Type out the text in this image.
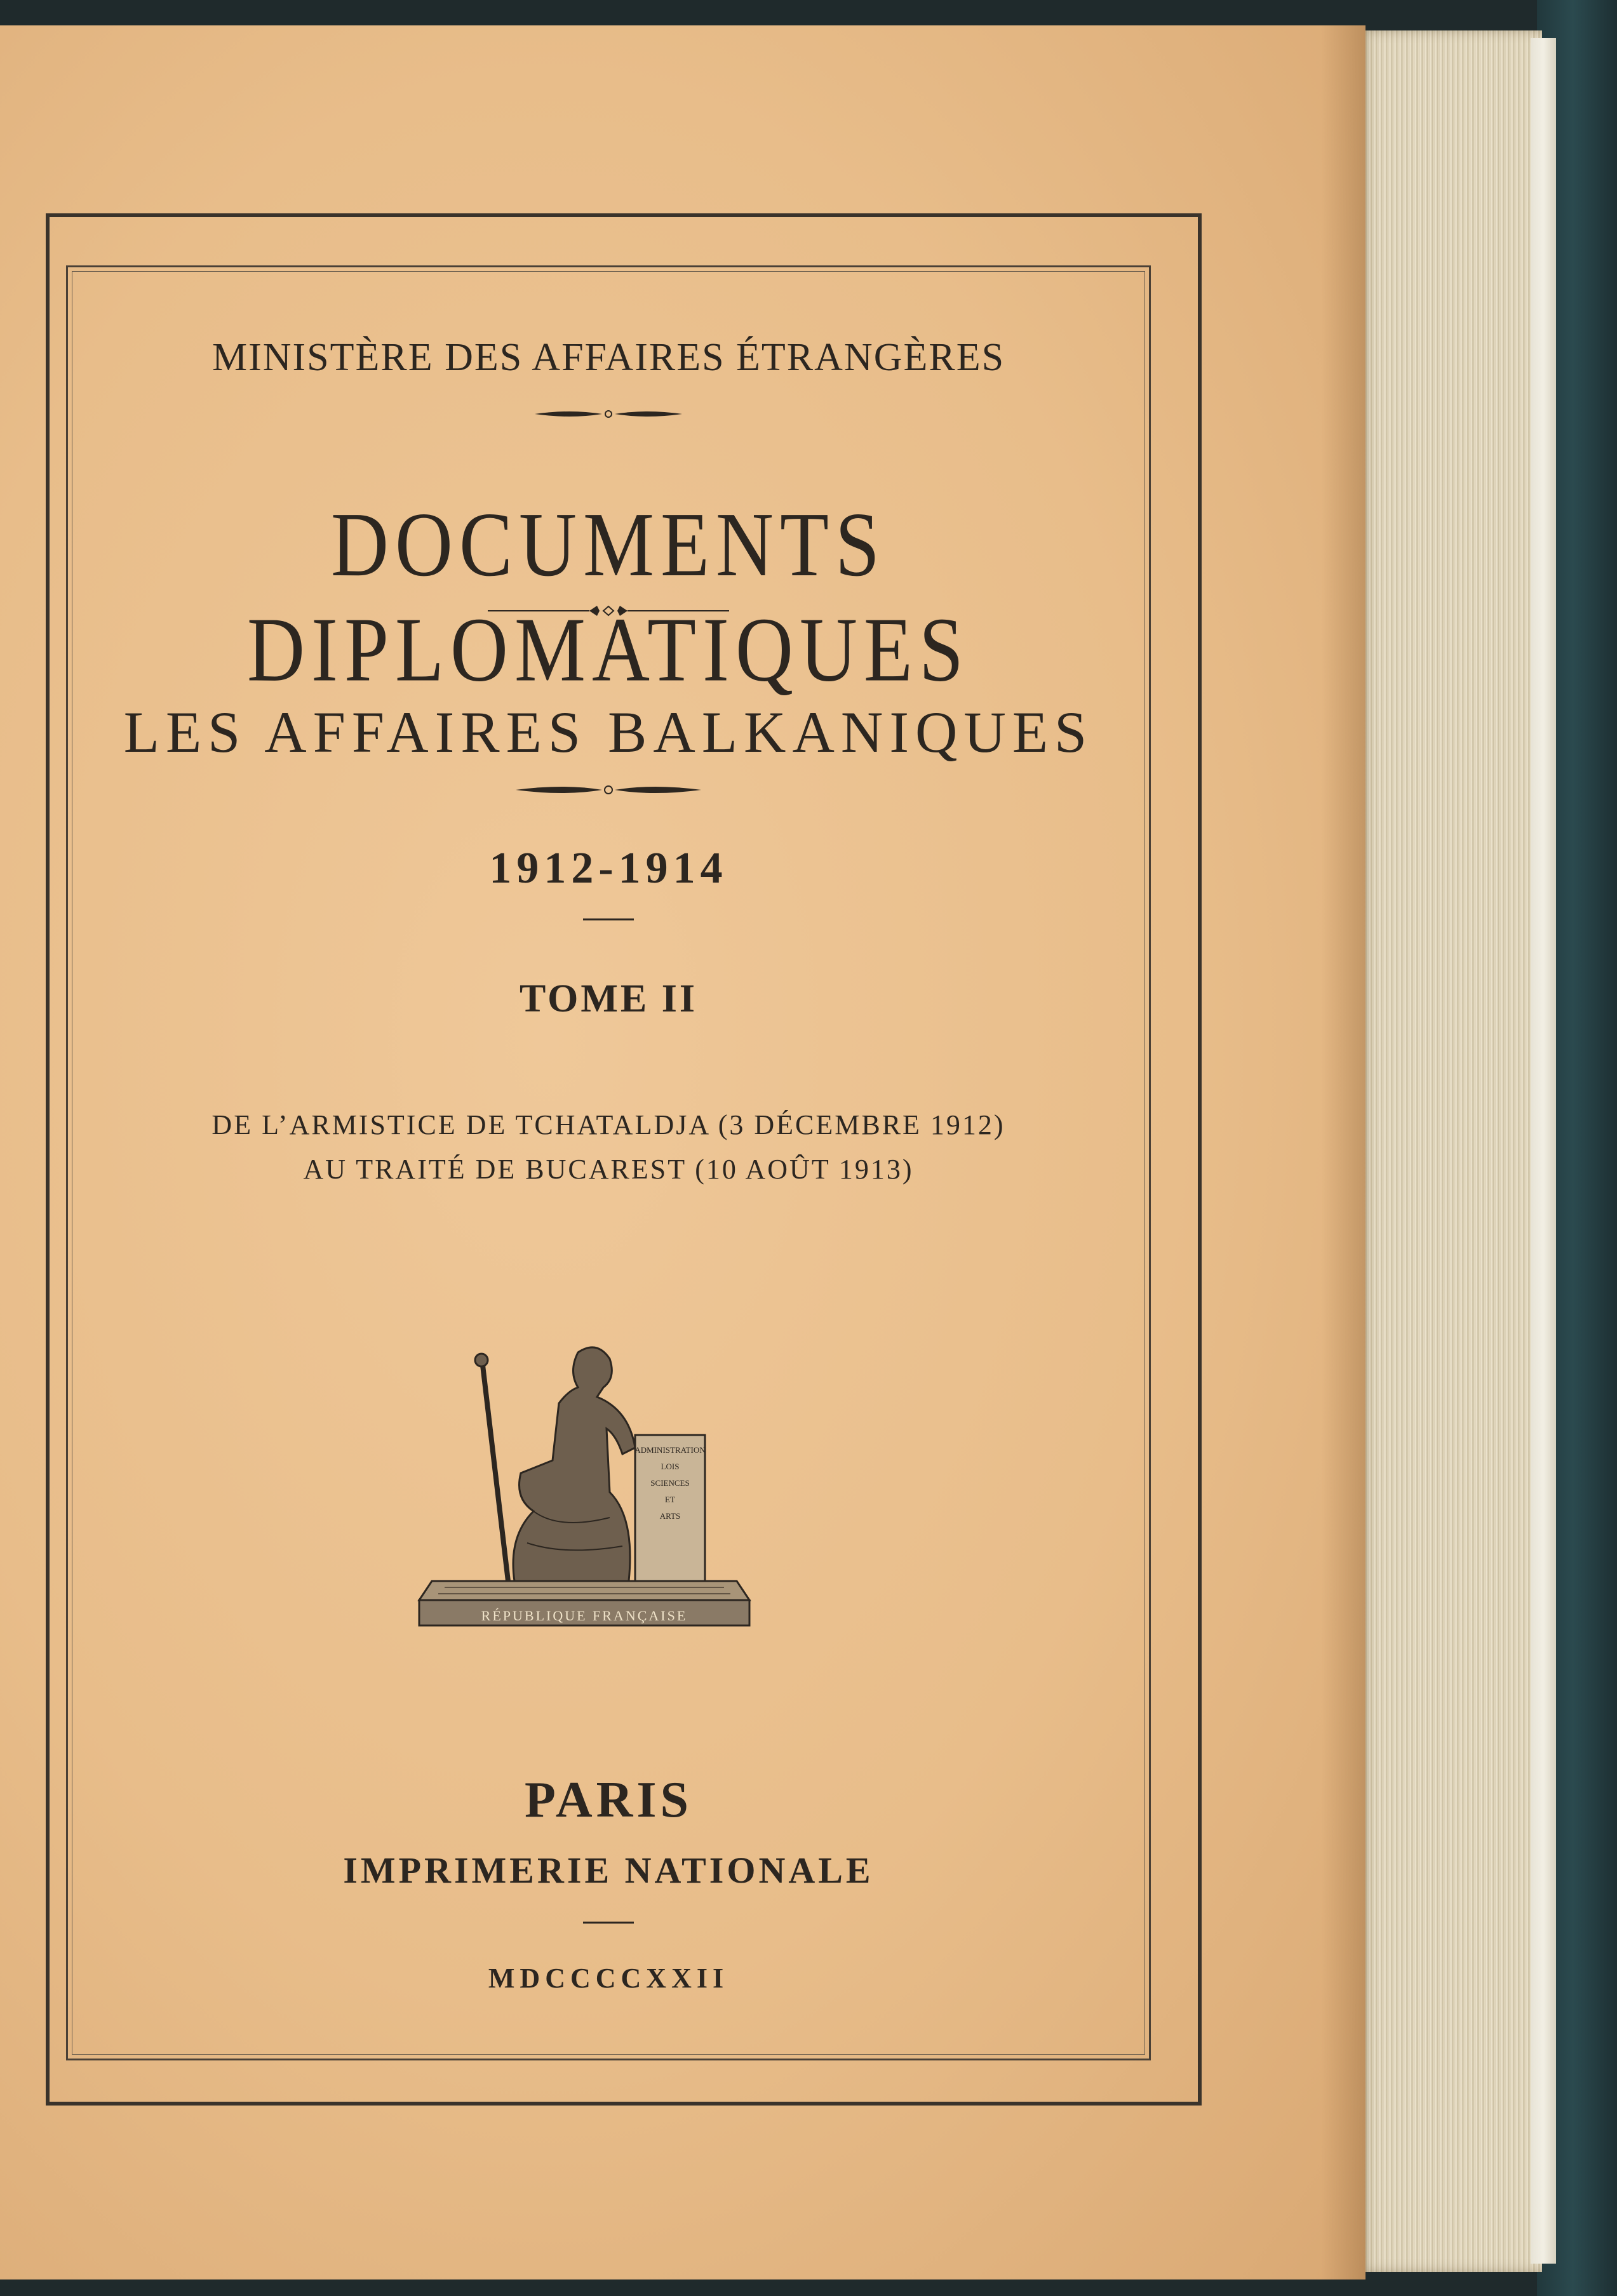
MINISTÈRE DES AFFAIRES ÉTRANGÈRES
DOCUMENTS DIPLOMATIQUES
LES AFFAIRES BALKANIQUES
1912-1914
TOME II
DE L’ARMISTICE DE TCHATALDJA (3 DÉCEMBRE 1912)
AU TRAITÉ DE BUCAREST (10 AOÛT 1913)
RÉPUBLIQUE FRANÇAISE
ADMINISTRATION
LOIS
SCIENCES
ET
ARTS
PARIS
IMPRIMERIE NATIONALE
MDCCCCXXII
